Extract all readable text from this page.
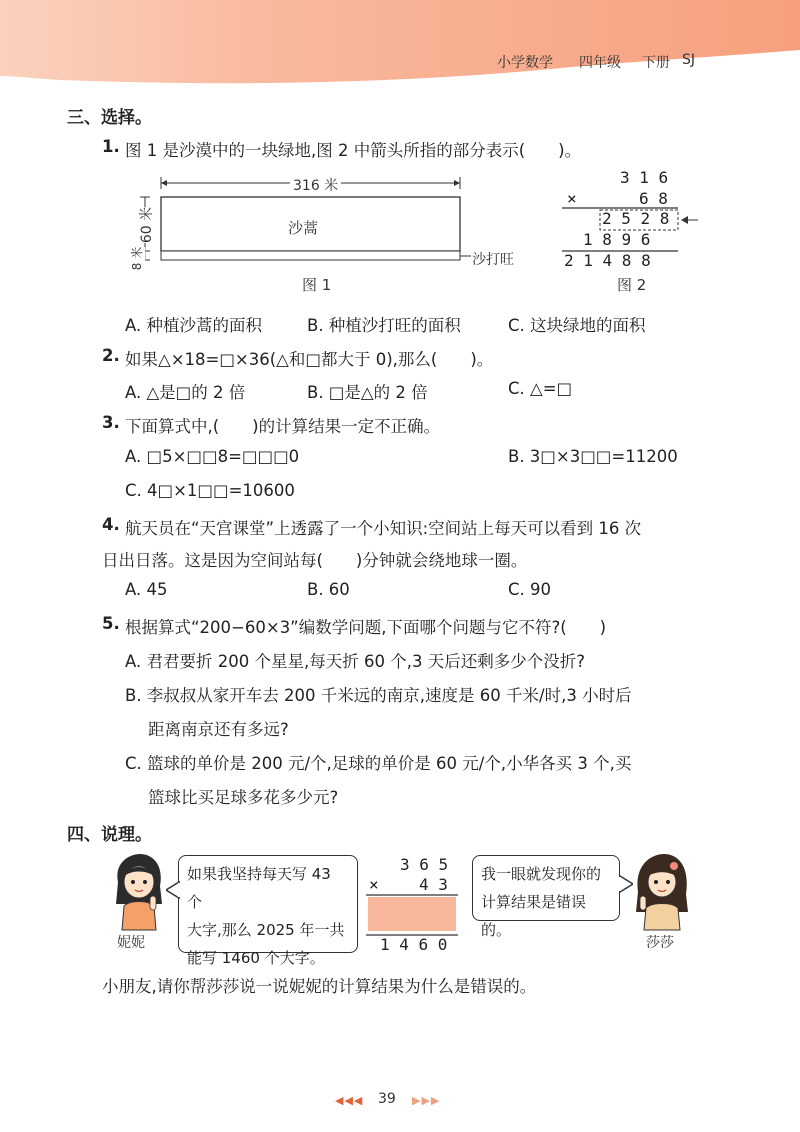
小学数学 四年级 下册 SJ
三、选择。
1. 图 1 是沙漠中的一块绿地,图 2 中箭头所指的部分表示(　　)。
316 米
60 米
8 米
沙蒿
沙打旺
图 1
3 1 6
×	6 8
2 5 2 8
1 8 9 6
2 1 4 8 8
图 2
A. 种植沙蒿的面积	B. 种植沙打旺的面积	C. 这块绿地的面积
2. 如果△×18=□×36(△和□都大于 0),那么(　　)。
A. △是□的 2 倍	B. □是△的 2 倍	C. △=□
3. 下面算式中,(　　)的计算结果一定不正确。
A. □5×□□8=□□□0	B. 3□×3□□=11200
C. 4□×1□□=10600
4. 航天员在“天宫课堂”上透露了一个小知识:空间站上每天可以看到 16 次
日出日落。这是因为空间站每(　　)分钟就会绕地球一圈。
A. 45	B. 60	C. 90
5. 根据算式“200−60×3”编数学问题,下面哪个问题与它不符?(　　)
A. 君君要折 200 个星星,每天折 60 个,3 天后还剩多少个没折?
B. 李叔叔从家开车去 200 千米远的南京,速度是 60 千米/时,3 小时后
距离南京还有多远?
C. 篮球的单价是 200 元/个,足球的单价是 60 元/个,小华各买 3 个,买
篮球比买足球多花多少元?
四、说理。
妮妮
如果我坚持每天写 43 个
大字,那么 2025 年一共
能写 1460 个大字。
3 6 5
×	4 3
1 4 6 0
我一眼就发现你的
计算结果是错误的。
莎莎
小朋友,请你帮莎莎说一说妮妮的计算结果为什么是错误的。
◀◀◀ 39 ▶▶▶
